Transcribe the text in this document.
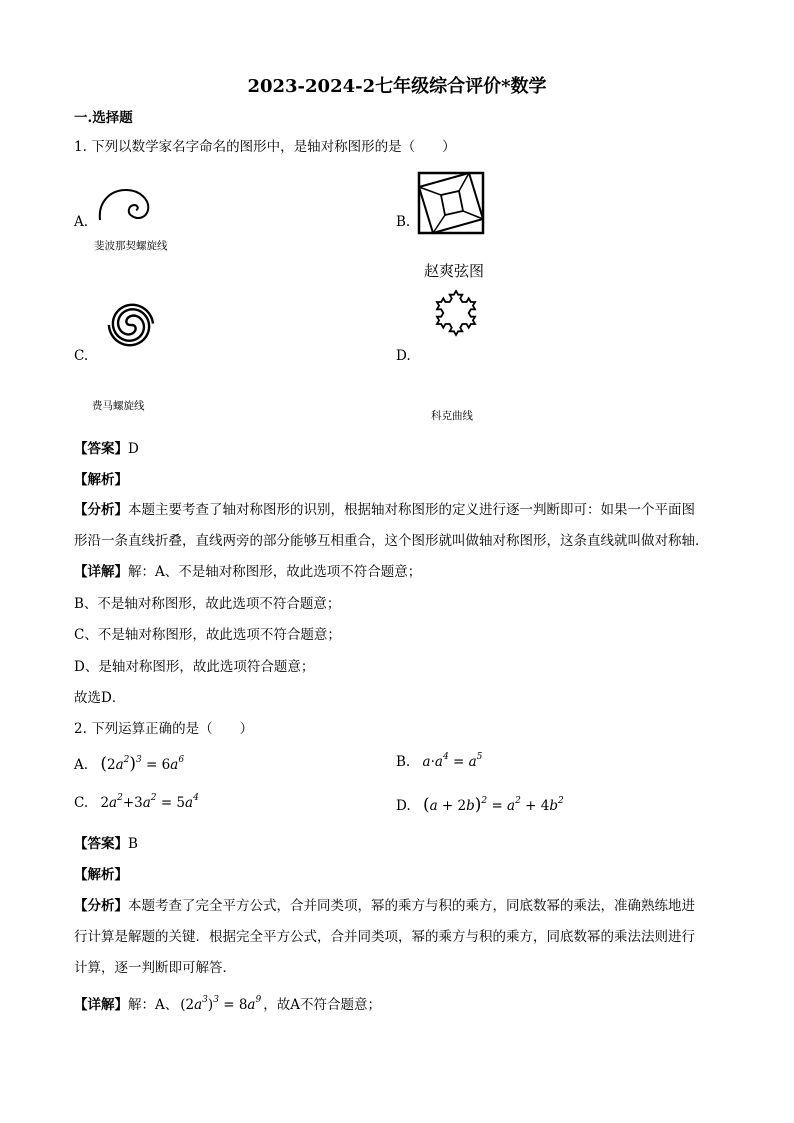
2023-2024-2七年级综合评价*数学
一.选择题
1. 下列以数学家名字命名的图形中，是轴对称图形的是（　　）
A.
斐波那契螺旋线
B.
赵爽弦图
C.
费马螺旋线
D.
科克曲线
【答案】D
【解析】
【分析】本题主要考查了轴对称图形的识别，根据轴对称图形的定义进行逐一判断即可：如果一个平面图
形沿一条直线折叠，直线两旁的部分能够互相重合，这个图形就叫做轴对称图形，这条直线就叫做对称轴．
【详解】解：A、不是轴对称图形，故此选项不符合题意；
B、不是轴对称图形，故此选项不符合题意；
C、不是轴对称图形，故此选项不符合题意；
D、是轴对称图形，故此选项符合题意；
故选D．
2. 下列运算正确的是（　　）
A. $(2a^2)^3 = 6a^6$	B. $a\cdot a^4 = a^5$
C. $2a^2+3a^2 = 5a^4$	D. $(a + 2b)^2 = a^2 + 4b^2$
【答案】B
【解析】
【分析】本题考查了完全平方公式，合并同类项，幂的乘方与积的乘方，同底数幂的乘法，准确熟练地进
行计算是解题的关键．根据完全平方公式，合并同类项，幂的乘方与积的乘方，同底数幂的乘法法则进行
计算，逐一判断即可解答．
【详解】解：A、 $(2a^3)^3 = 8a^9$ ，故A不符合题意；
